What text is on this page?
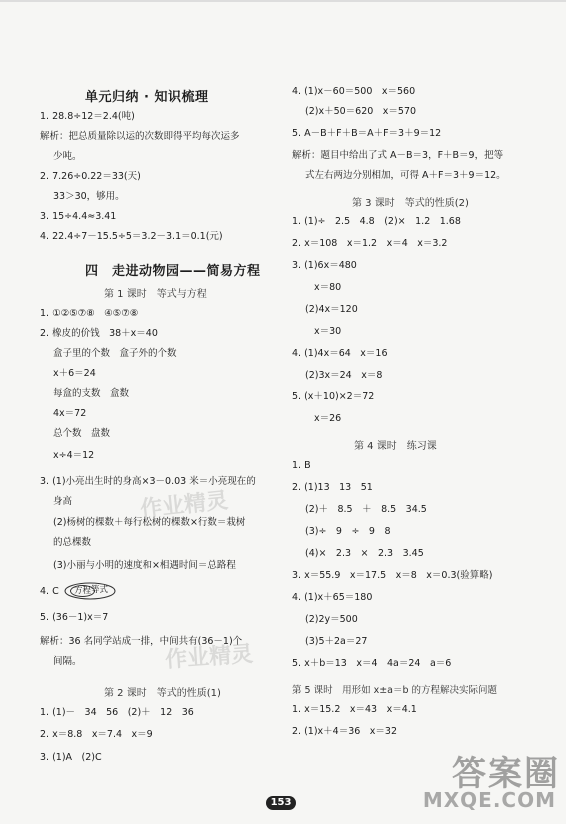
单元归纳 · 知识梳理
1. 28.8÷12＝2.4(吨)
解析：把总质量除以运的次数即得平均每次运多
少吨。
2. 7.26÷0.22＝33(天)
33＞30，够用。
3. 15÷4.4≈3.41
4. 22.4÷7－15.5÷5＝3.2－3.1＝0.1(元)
四　走进动物园——简易方程
第 1 课时　等式与方程
1. ①②⑤⑦⑧　④⑤⑦⑧
2. 橡皮的价钱　38＋x＝40
盒子里的个数　盒子外的个数
x＋6＝24
每盒的支数　盒数
4x＝72
总个数　盘数
x÷4＝12
3. (1)小亮出生时的身高×3－0.03 米＝小亮现在的
身高
(2)杨树的棵数＋每行松树的棵数×行数＝栽树
的总棵数
(3)小丽与小明的速度和×相遇时间＝总路程
4. C	方程 等式
5. (36－1)x＝7
解析：36 名同学站成一排，中间共有(36－1)个
间隔。
第 2 课时　等式的性质(1)
1. (1)－　34　56　(2)＋　12　36
2. x＝8.8　x＝7.4　x＝9
3. (1)A　(2)C
4. (1)x－60＝500　x＝560
(2)x＋50＝620　x＝570
5. A－B＋F＋B＝A＋F＝3＋9＝12
解析：题目中给出了式 A－B＝3，F＋B＝9，把等
式左右两边分别相加，可得 A＋F＝3＋9＝12。
第 3 课时　等式的性质(2)
1. (1)÷　2.5　4.8　(2)×　1.2　1.68
2. x＝108　x＝1.2　x＝4　x＝3.2
3. (1)6x＝480
x＝80
(2)4x＝120
x＝30
4. (1)4x＝64　x＝16
(2)3x＝24　x＝8
5. (x＋10)×2＝72
x＝26
第 4 课时　练习课
1. B
2. (1)13　13　51
(2)＋　8.5　＋　8.5　34.5
(3)÷　9　÷　9　8
(4)×　2.3　×　2.3　3.45
3. x＝55.9　x＝17.5　x＝8　x＝0.3(验算略)
4. (1)x＋65＝180
(2)2y＝500
(3)5＋2a＝27
5. x＋b＝13　x＝4　4a＝24　a＝6
第 5 课时　用形如 x±a＝b 的方程解决实际问题
1. x＝15.2　x＝43　x＝4.1
2. (1)x＋4＝36　x＝32
作业精灵
作业精灵
153
答案圈
MXQE.COM
